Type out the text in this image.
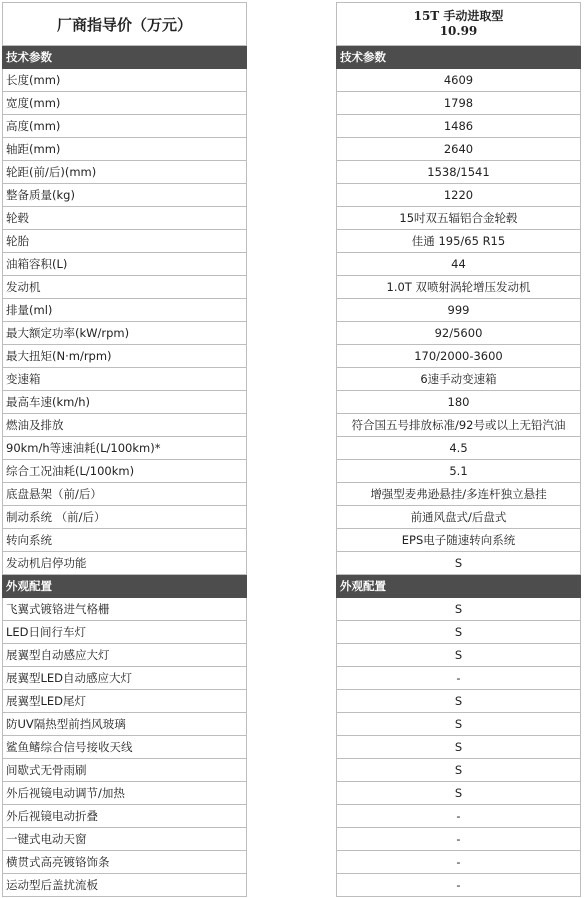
厂商指导价（万元）
技术参数
长度(mm)
宽度(mm)
高度(mm)
轴距(mm)
轮距(前/后)(mm)
整备质量(kg)
轮毂
轮胎
油箱容积(L)
发动机
排量(ml)
最大额定功率(kW/rpm)
最大扭矩(N·m/rpm)
变速箱
最高车速(km/h)
燃油及排放
90km/h等速油耗(L/100km)*
综合工况油耗(L/100km)
底盘悬架（前/后）
制动系统 （前/后）
转向系统
发动机启停功能
外观配置
飞翼式镀铬进气格栅
LED日间行车灯
展翼型自动感应大灯
展翼型LED自动感应大灯
展翼型LED尾灯
防UV隔热型前挡风玻璃
鲨鱼鳍综合信号接收天线
间歇式无骨雨刷
外后视镜电动调节/加热
外后视镜电动折叠
一键式电动天窗
横贯式高亮镀铬饰条
运动型后盖扰流板
15T 手动进取型
10.99
技术参数
4609
1798
1486
2640
1538/1541
1220
15吋双五辐铝合金轮毂
佳通 195/65 R15
44
1.0T 双喷射涡轮增压发动机
999
92/5600
170/2000-3600
6速手动变速箱
180
符合国五号排放标准/92号或以上无铅汽油
4.5
5.1
增强型麦弗逊悬挂/多连杆独立悬挂
前通风盘式/后盘式
EPS电子随速转向系统
S
外观配置
S
S
S
-
S
S
S
S
S
-
-
-
-
